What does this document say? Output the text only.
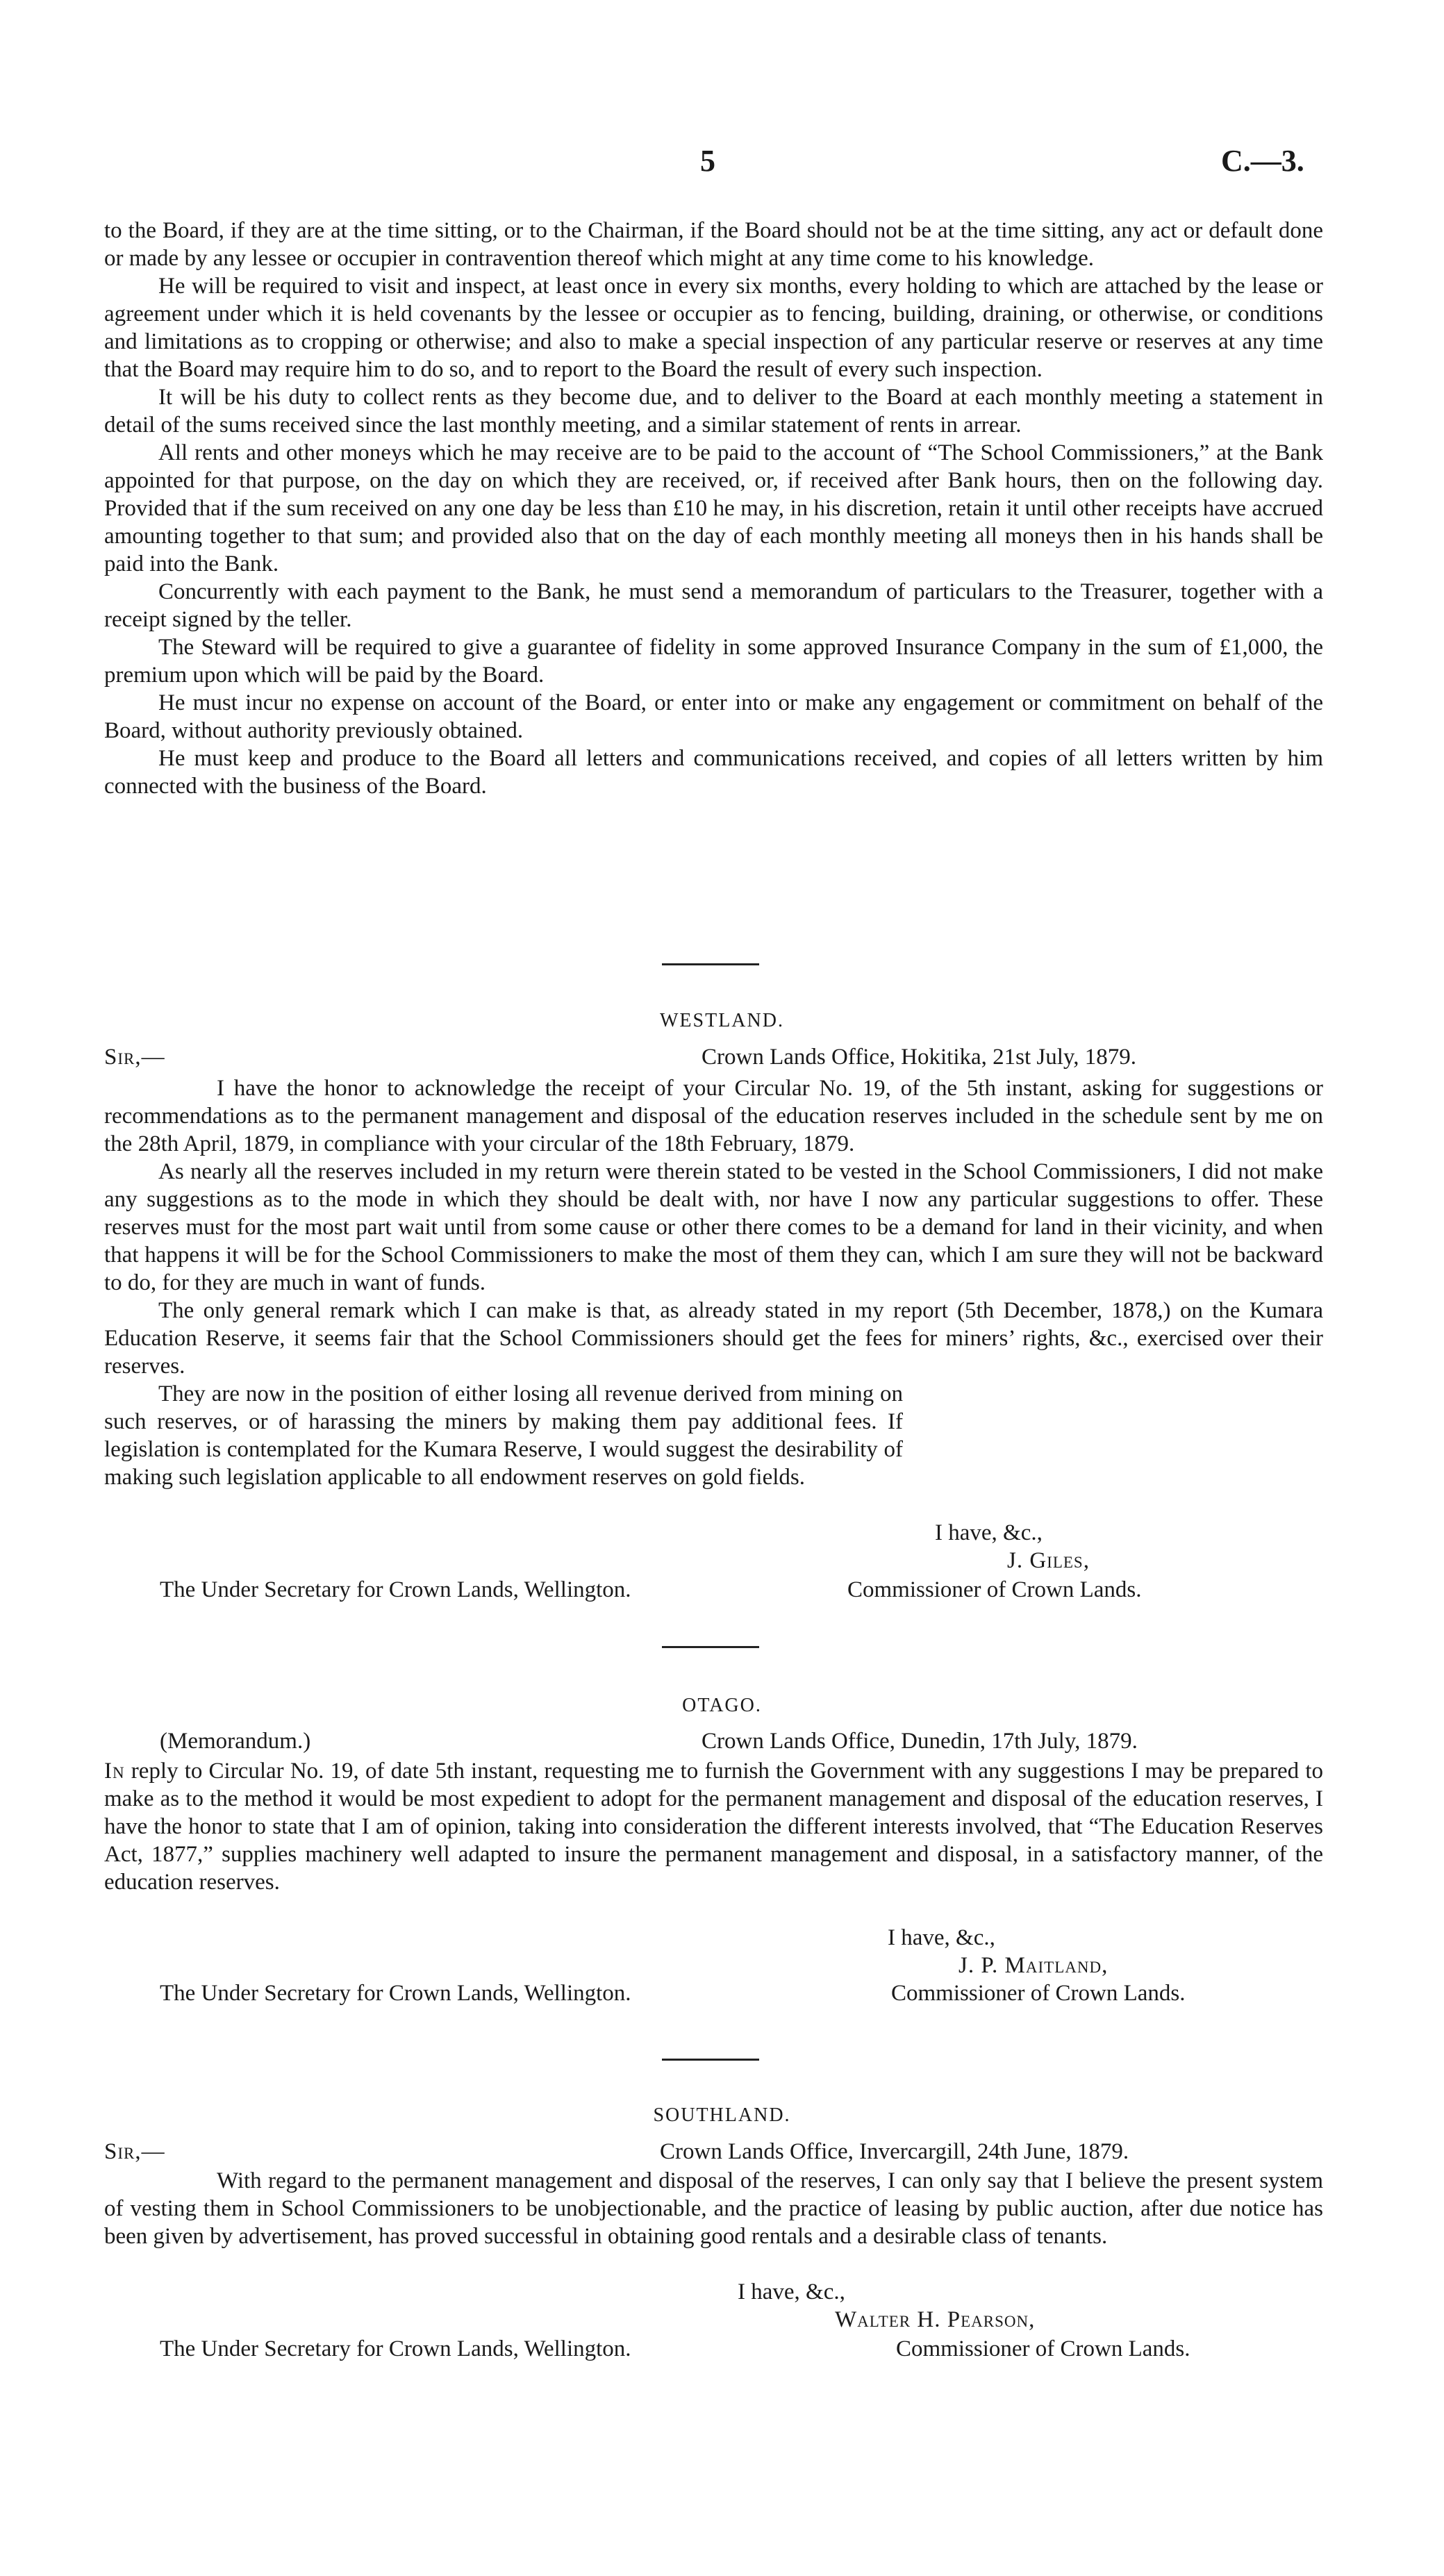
5	C.—3.

to the Board, if they are at the time sitting, or to the Chairman, if the Board should not be at the time sitting, any act or default done or made by any lessee or occupier in contravention thereof which might at any time come to his knowledge.

He will be required to visit and inspect, at least once in every six months, every holding to which are attached by the lease or agreement under which it is held covenants by the lessee or occupier as to fencing, building, draining, or otherwise, or conditions and limitations as to cropping or otherwise; and also to make a special inspection of any particular reserve or reserves at any time that the Board may require him to do so, and to report to the Board the result of every such inspection.

It will be his duty to collect rents as they become due, and to deliver to the Board at each monthly meeting a statement in detail of the sums received since the last monthly meeting, and a similar statement of rents in arrear.

All rents and other moneys which he may receive are to be paid to the account of “The School Commissioners,” at the Bank appointed for that purpose, on the day on which they are received, or, if received after Bank hours, then on the following day. Provided that if the sum received on any one day be less than £10 he may, in his discretion, retain it until other receipts have accrued amounting together to that sum; and provided also that on the day of each monthly meeting all moneys then in his hands shall be paid into the Bank.

Concurrently with each payment to the Bank, he must send a memorandum of particulars to the Treasurer, together with a receipt signed by the teller.

The Steward will be required to give a guarantee of fidelity in some approved Insurance Company in the sum of £1,000, the premium upon which will be paid by the Board.

He must incur no expense on account of the Board, or enter into or make any engagement or commitment on behalf of the Board, without authority previously obtained.

He must keep and produce to the Board all letters and communications received, and copies of all letters written by him connected with the business of the Board.

WESTLAND.
Sir,—	Crown Lands Office, Hokitika, 21st July, 1879.

I have the honor to acknowledge the receipt of your Circular No. 19, of the 5th instant, asking for suggestions or recommendations as to the permanent management and disposal of the education reserves included in the schedule sent by me on the 28th April, 1879, in compliance with your circular of the 18th February, 1879.

As nearly all the reserves included in my return were therein stated to be vested in the School Commissioners, I did not make any suggestions as to the mode in which they should be dealt with, nor have I now any particular suggestions to offer. These reserves must for the most part wait until from some cause or other there comes to be a demand for land in their vicinity, and when that happens it will be for the School Commissioners to make the most of them they can, which I am sure they will not be backward to do, for they are much in want of funds.

The only general remark which I can make is that, as already stated in my report (5th December, 1878,) on the Kumara Education Reserve, it seems fair that the School Commissioners should get the fees for miners’ rights, &c., exercised over their reserves.

They are now in the position of either losing all revenue derived from mining on such reserves, or of harassing the miners by making them pay additional fees. If legislation is contemplated for the Kumara Reserve, I would suggest the desirability of making such legislation applicable to all endowment reserves on gold fields.

I have, &c.,
J. Giles,
The Under Secretary for Crown Lands, Wellington.	Commissioner of Crown Lands.
OTAGO.
(Memorandum.)	Crown Lands Office, Dunedin, 17th July, 1879.

In reply to Circular No. 19, of date 5th instant, requesting me to furnish the Government with any suggestions I may be prepared to make as to the method it would be most expedient to adopt for the permanent management and disposal of the education reserves, I have the honor to state that I am of opinion, taking into consideration the different interests involved, that “The Education Reserves Act, 1877,” supplies machinery well adapted to insure the permanent management and disposal, in a satisfactory manner, of the education reserves.

I have, &c.,
J. P. Maitland,
The Under Secretary for Crown Lands, Wellington.	Commissioner of Crown Lands.
SOUTHLAND.
Sir,—	Crown Lands Office, Invercargill, 24th June, 1879.

With regard to the permanent management and disposal of the reserves, I can only say that I believe the present system of vesting them in School Commissioners to be unobjectionable, and the practice of leasing by public auction, after due notice has been given by advertisement, has proved successful in obtaining good rentals and a desirable class of tenants.

I have, &c.,
Walter H. Pearson,
The Under Secretary for Crown Lands, Wellington.	Commissioner of Crown Lands.
